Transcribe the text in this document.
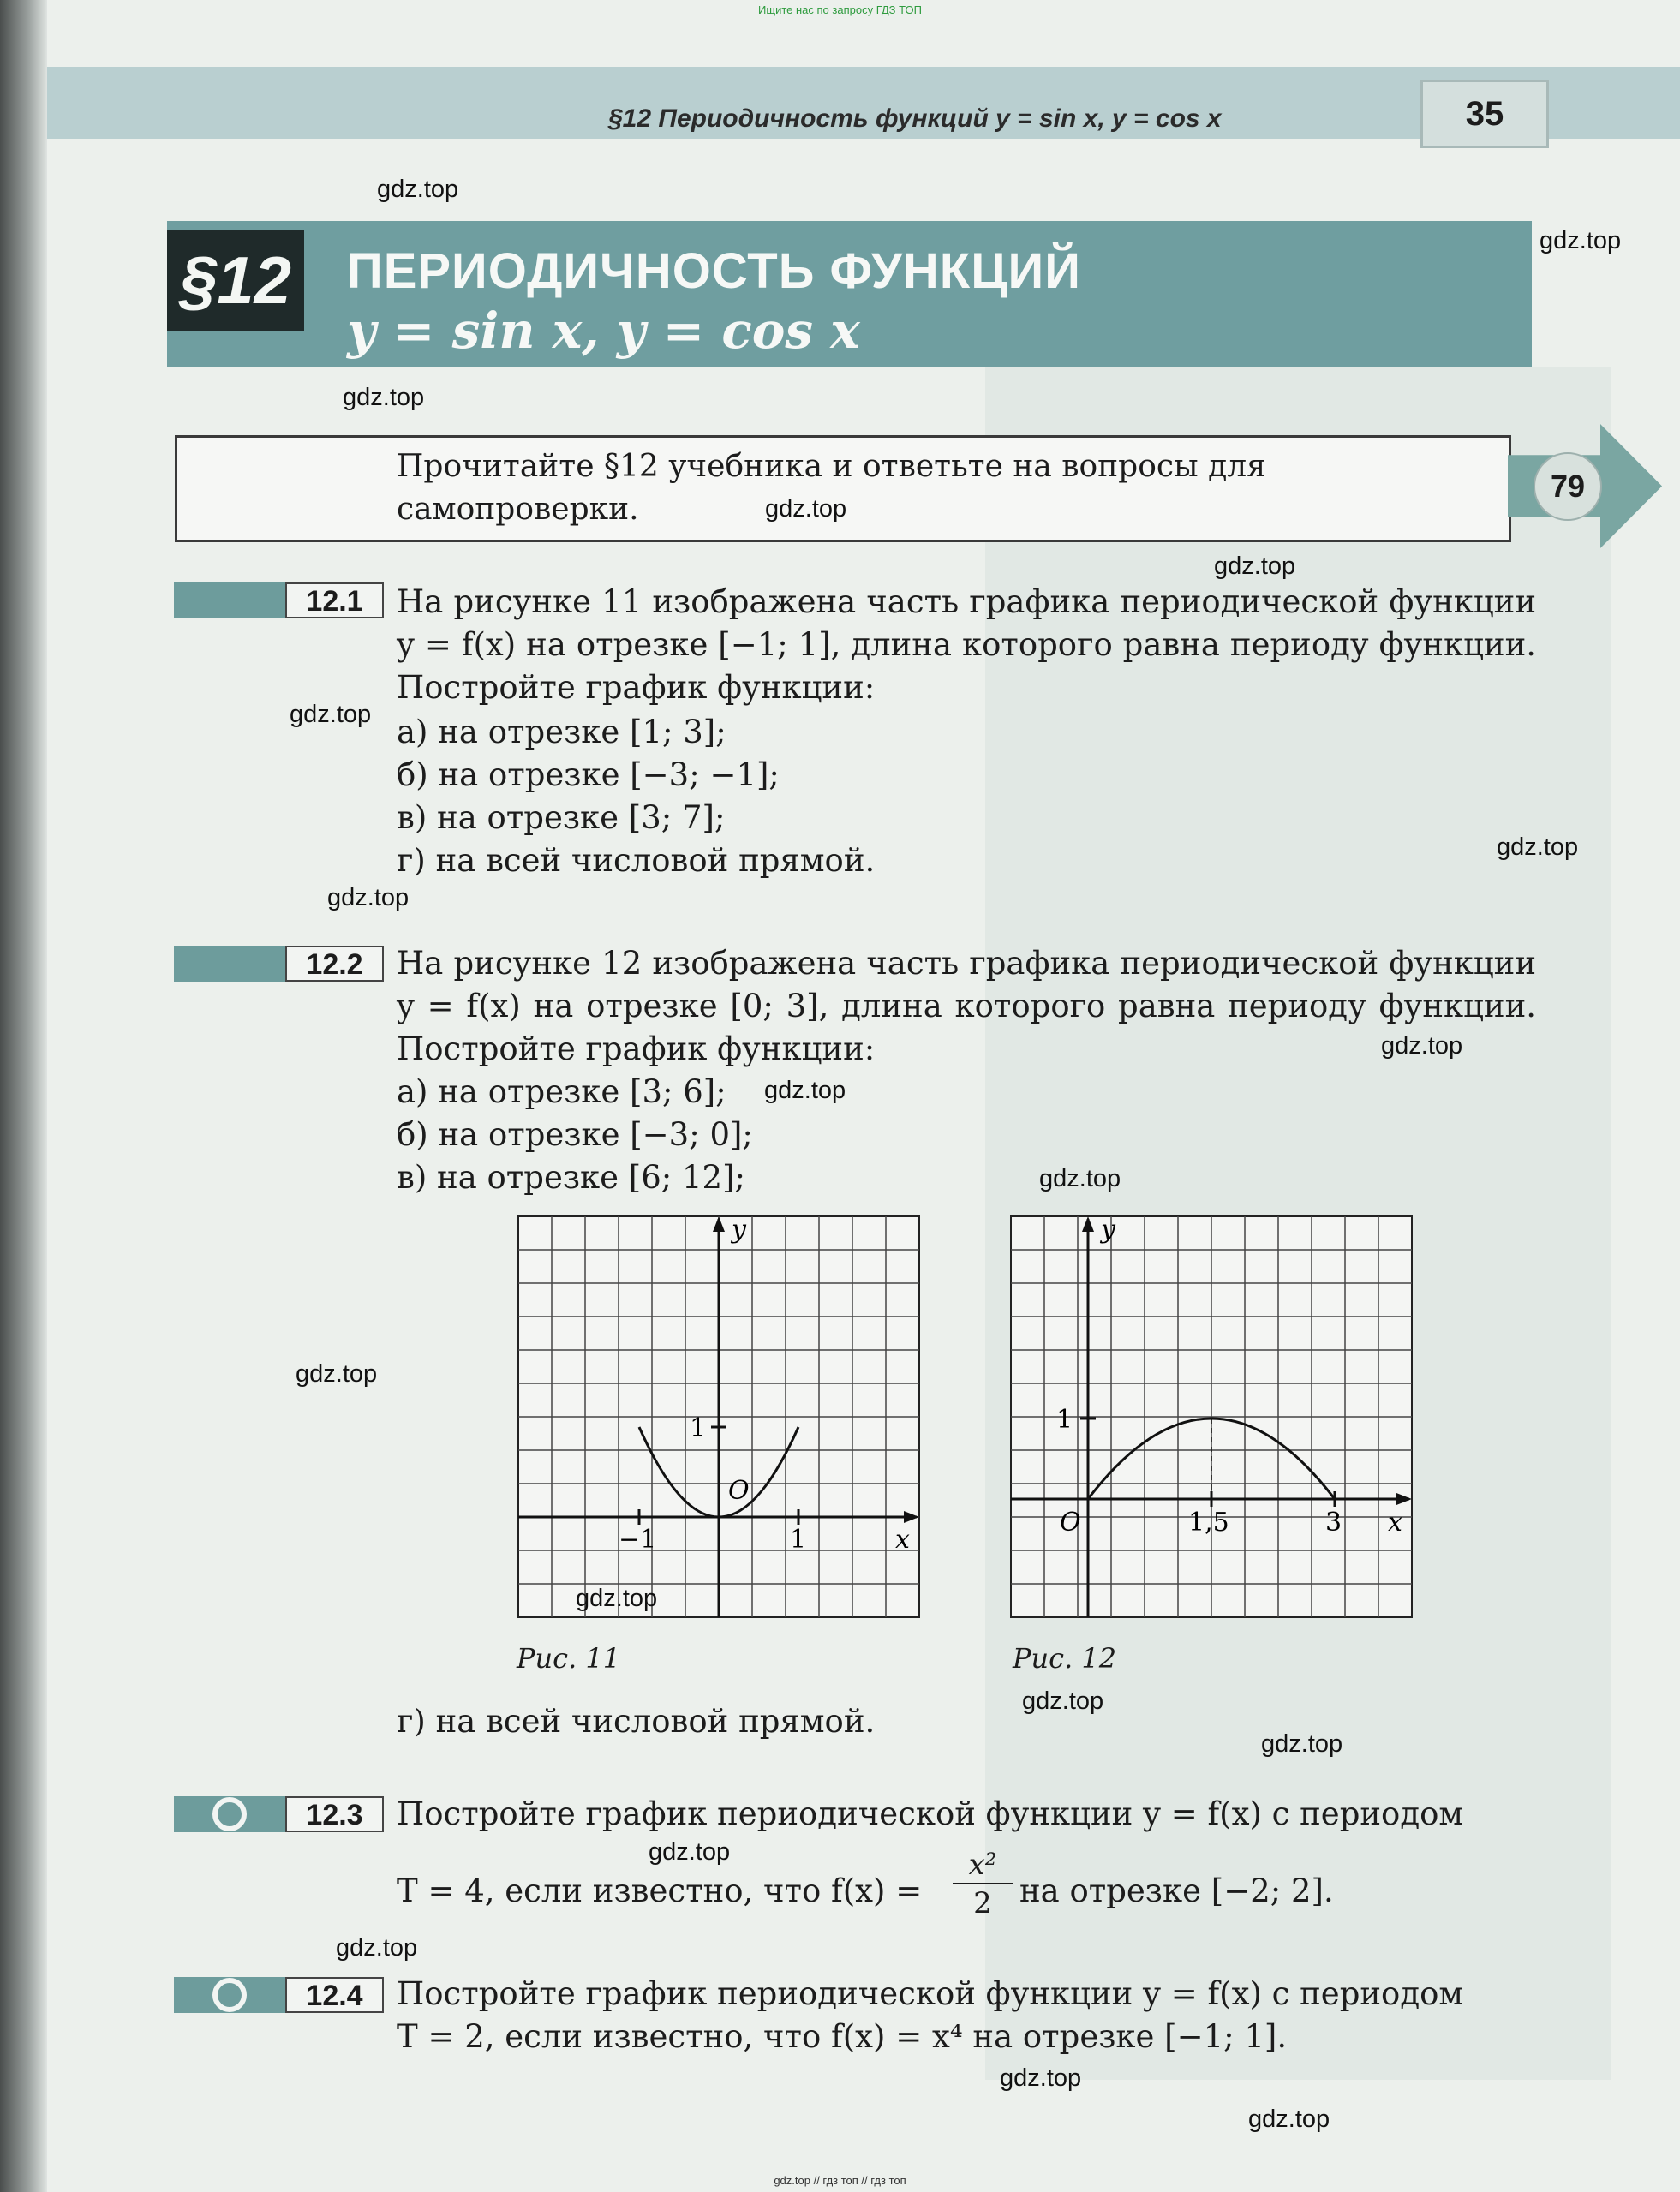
Ищите нас по запросу ГДЗ ТОП
§12 Периодичность функций y = sin x, y = cos x	35
§12 ПЕРИОДИЧНОСТЬ ФУНКЦИЙ
y = sin x, y = cos x
Прочитайте §12 учебника и ответьте на вопросы для самопроверки.
79
12.1	На рисунке 11 изображена часть графика периодической функции y = f(x) на отрезке [−1; 1], длина которого равна периоду функции. Постройте график функции:
а) на отрезке [1; 3];
б) на отрезке [−3; −1];
в) на отрезке [3; 7];
г) на всей числовой прямой.
12.2	На рисунке 12 изображена часть графика периодической функции y = f(x) на отрезке [0; 3], длина которого равна периоду функции. Постройте график функции:
а) на отрезке [3; 6];
б) на отрезке [−3; 0];
в) на отрезке [6; 12];
y
x
O
1
−1	1
Рис. 11
y
x
O
1
1,5	3
Рис. 12
г) на всей числовой прямой.
12.3	Постройте график периодической функции y = f(x) с периодом
T = 4, если известно, что $f(x) = \frac{\text{x²}}{2}$ на отрезке [−2; 2].
12.4	Постройте график периодической функции y = f(x) с периодом
T = 2, если известно, что f(x) = x⁴ на отрезке [−1; 1].
gdz.top
gdz.top
gdz.top
gdz.top
gdz.top
gdz.top
gdz.top
gdz.top
gdz.top
gdz.top
gdz.top
gdz.top
gdz.top
gdz.top
gdz.top
gdz.top
gdz.top
gdz.top
gdz.top
gdz.top // гдз топ // гдз топ
